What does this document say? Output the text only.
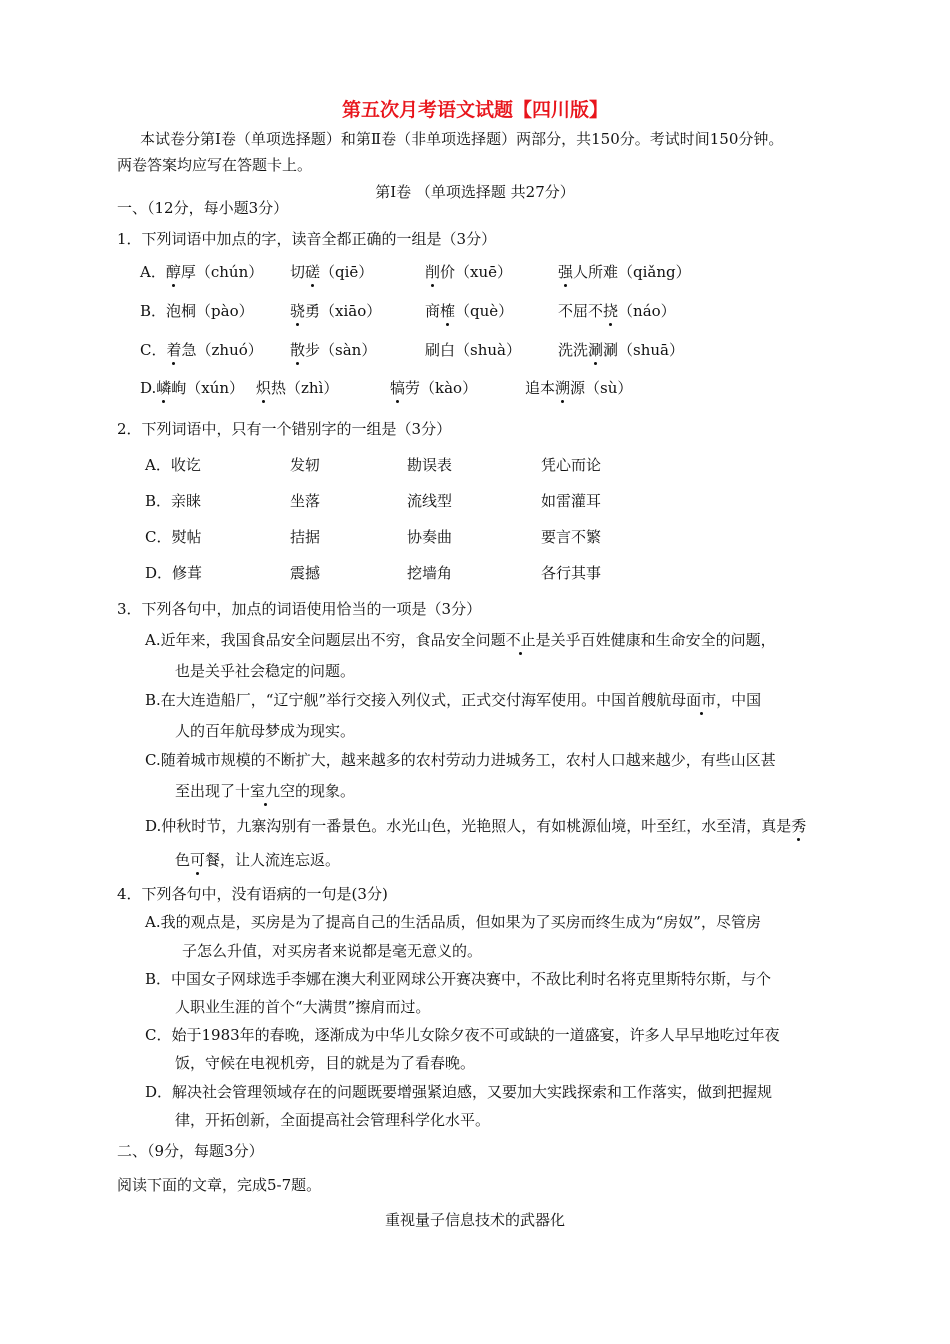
第五次月考语文试题【四川版】
本试卷分第Ⅰ卷（单项选择题）和第Ⅱ卷（非单项选择题）两部分，共150分。考试时间150分钟。
两卷答案均应写在答题卡上。
第Ⅰ卷 （单项选择题 共27分）
一、（12分，每小题3分）
1．下列词语中加点的字，读音全都正确的一组是（3分）
A．醇厚（chún） 切磋（qiē）	削价（xuē）	强人所难（qiǎng）
B．泡桐（pào） 骁勇（xiāo）	商榷（què）	不屈不挠（náo）
C．着急（zhuó） 散步（sàn）	刷白（shuà） 洗洗涮涮（shuā）
D.嶙峋（xún） 炽热（zhì）	犒劳（kào）	追本溯源（sù）
2．下列词语中，只有一个错别字的一组是（3分）
A．收讫	发轫	勘误表	凭心而论
B．亲睐	坐落	流线型	如雷灌耳
C．熨帖	拮据	协奏曲	要言不繁
D．修葺	震撼	挖墙角	各行其事
3．下列各句中，加点的词语使用恰当的一项是（3分）
A.近年来，我国食品安全问题层出不穷，食品安全问题不止是关乎百姓健康和生命安全的问题，
也是关乎社会稳定的问题。
B.在大连造船厂，“辽宁舰”举行交接入列仪式，正式交付海军使用。中国首艘航母面市，中国
人的百年航母梦成为现实。
C.随着城市规模的不断扩大，越来越多的农村劳动力进城务工，农村人口越来越少，有些山区甚
至出现了十室九空的现象。
D.仲秋时节，九寨沟别有一番景色。水光山色，光艳照人，有如桃源仙境，叶至红，水至清，真是秀
色可餐，让人流连忘返。
4．下列各句中，没有语病的一句是(3分)
A.我的观点是，买房是为了提高自己的生活品质，但如果为了买房而终生成为“房奴”，尽管房
子怎么升值，对买房者来说都是毫无意义的。
B．中国女子网球选手李娜在澳大利亚网球公开赛决赛中，不敌比利时名将克里斯特尔斯，与个
人职业生涯的首个“大满贯”擦肩而过。
C．始于1983年的春晚，逐渐成为中华儿女除夕夜不可或缺的一道盛宴，许多人早早地吃过年夜
饭，守候在电视机旁，目的就是为了看春晚。
D．解决社会管理领域存在的问题既要增强紧迫感，又要加大实践探索和工作落实，做到把握规
律，开拓创新，全面提高社会管理科学化水平。
二、（9分，每题3分）
阅读下面的文章，完成5-7题。
重视量子信息技术的武器化
